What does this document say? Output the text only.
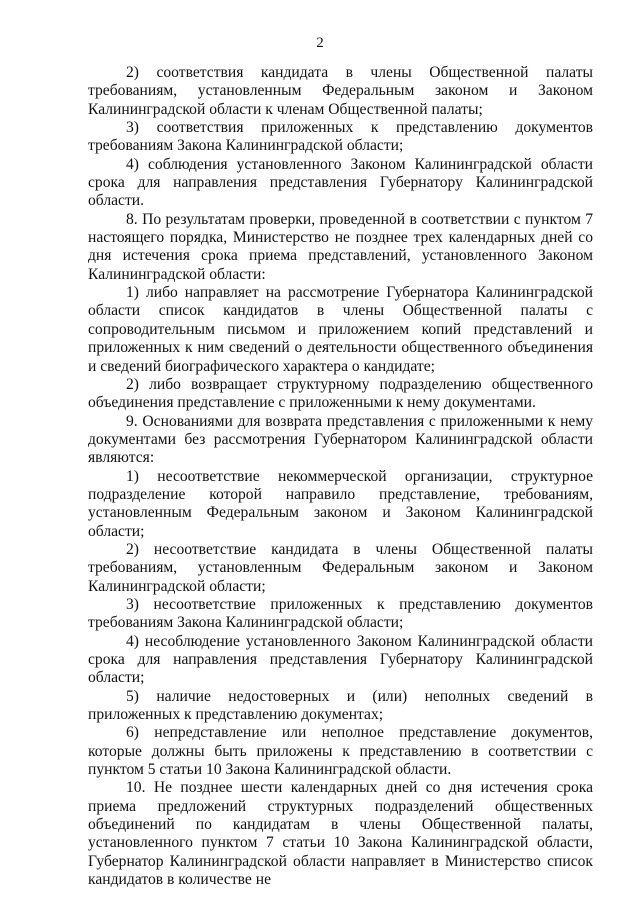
2

2) соответствия кандидата в члены Общественной палаты требованиям, установленным Федеральным законом и Законом Калининградской области к членам Общественной палаты;

3) соответствия приложенных к представлению документов требованиям Закона Калининградской области;

4) соблюдения установленного Законом Калининградской области срока для направления представления Губернатору Калининградской области.

8. По результатам проверки, проведенной в соответствии с пунктом 7 настоящего порядка, Министерство не позднее трех календарных дней со дня истечения срока приема представлений, установленного Законом Калининградской области:

1) либо направляет на рассмотрение Губернатора Калининградской области список кандидатов в члены Общественной палаты с сопроводительным письмом и приложением копий представлений и приложенных к ним сведений о деятельности общественного объединения и сведений биографического характера о кандидате;

2) либо возвращает структурному подразделению общественного объединения представление с приложенными к нему документами.

9. Основаниями для возврата представления с приложенными к нему документами без рассмотрения Губернатором Калининградской области являются:

1) несоответствие некоммерческой организации, структурное подразделение которой направило представление, требованиям, установленным Федеральным законом и Законом Калининградской области;

2) несоответствие кандидата в члены Общественной палаты требованиям, установленным Федеральным законом и Законом Калининградской области;

3) несоответствие приложенных к представлению документов требованиям Закона Калининградской области;

4) несоблюдение установленного Законом Калининградской области срока для направления представления Губернатору Калининградской области;

5) наличие недостоверных и (или) неполных сведений в приложенных к представлению документах;

6) непредставление или неполное представление документов, которые должны быть приложены к представлению в соответствии с пунктом 5 статьи 10 Закона Калининградской области.

10. Не позднее шести календарных дней со дня истечения срока приема предложений структурных подразделений общественных объединений по кандидатам в члены Общественной палаты, установленного пунктом 7 статьи 10 Закона Калининградской области, Губернатор Калининградской области направляет в Министерство список кандидатов в количестве не
